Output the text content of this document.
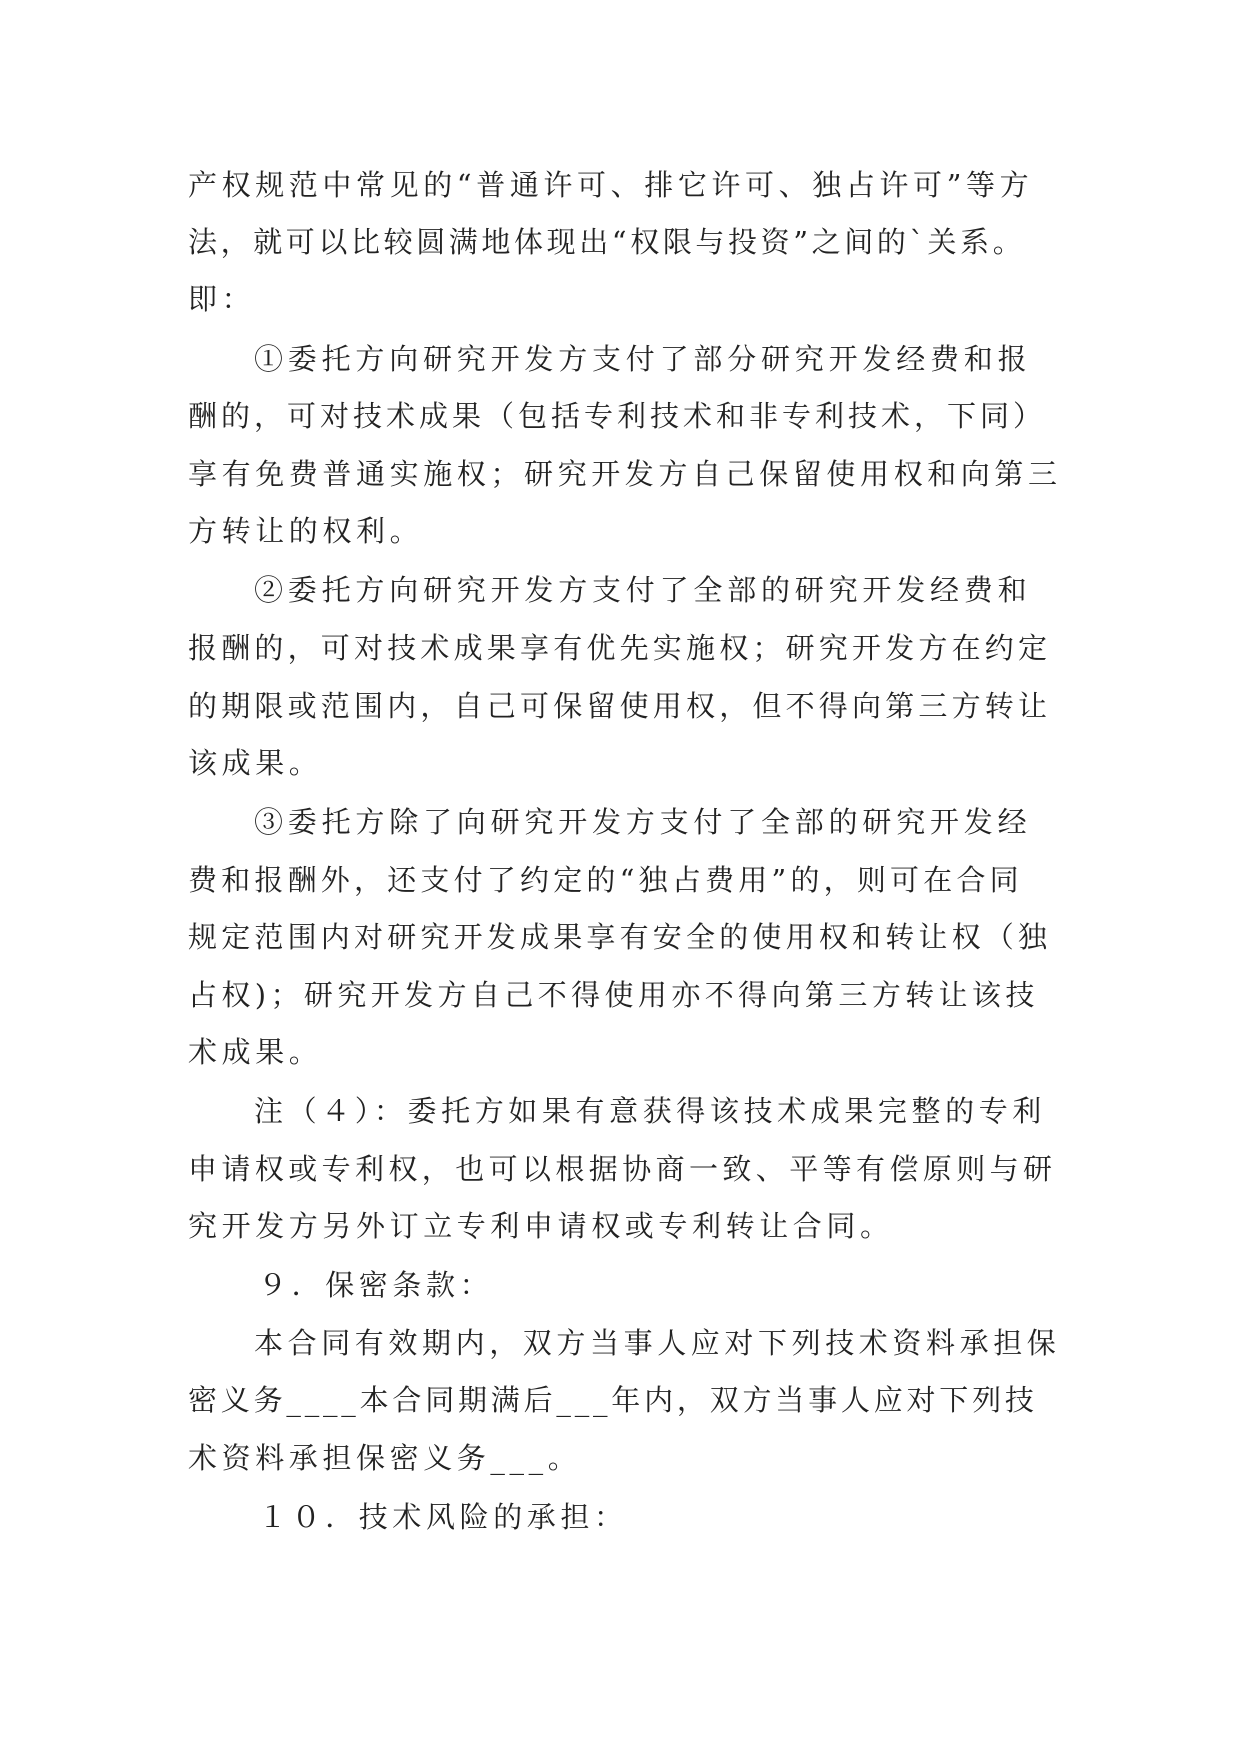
产权规范中常见的“普通许可、排它许可、独占许可”等方
法，就可以比较圆满地体现出“权限与投资”之间的`关系。
即：
①委托方向研究开发方支付了部分研究开发经费和报
酬的，可对技术成果（包括专利技术和非专利技术，下同）
享有免费普通实施权；研究开发方自己保留使用权和向第三
方转让的权利。
②委托方向研究开发方支付了全部的研究开发经费和
报酬的，可对技术成果享有优先实施权；研究开发方在约定
的期限或范围内，自己可保留使用权，但不得向第三方转让
该成果。
③委托方除了向研究开发方支付了全部的研究开发经
费和报酬外，还支付了约定的“独占费用”的，则可在合同
规定范围内对研究开发成果享有安全的使用权和转让权（独
占权)；研究开发方自己不得使用亦不得向第三方转让该技
术成果。
注（４）：委托方如果有意获得该技术成果完整的专利
申请权或专利权，也可以根据协商一致、平等有偿原则与研
究开发方另外订立专利申请权或专利转让合同。
９．保密条款：
本合同有效期内，双方当事人应对下列技术资料承担保
密义务____本合同期满后___年内，双方当事人应对下列技
术资料承担保密义务___。
１０．技术风险的承担：
